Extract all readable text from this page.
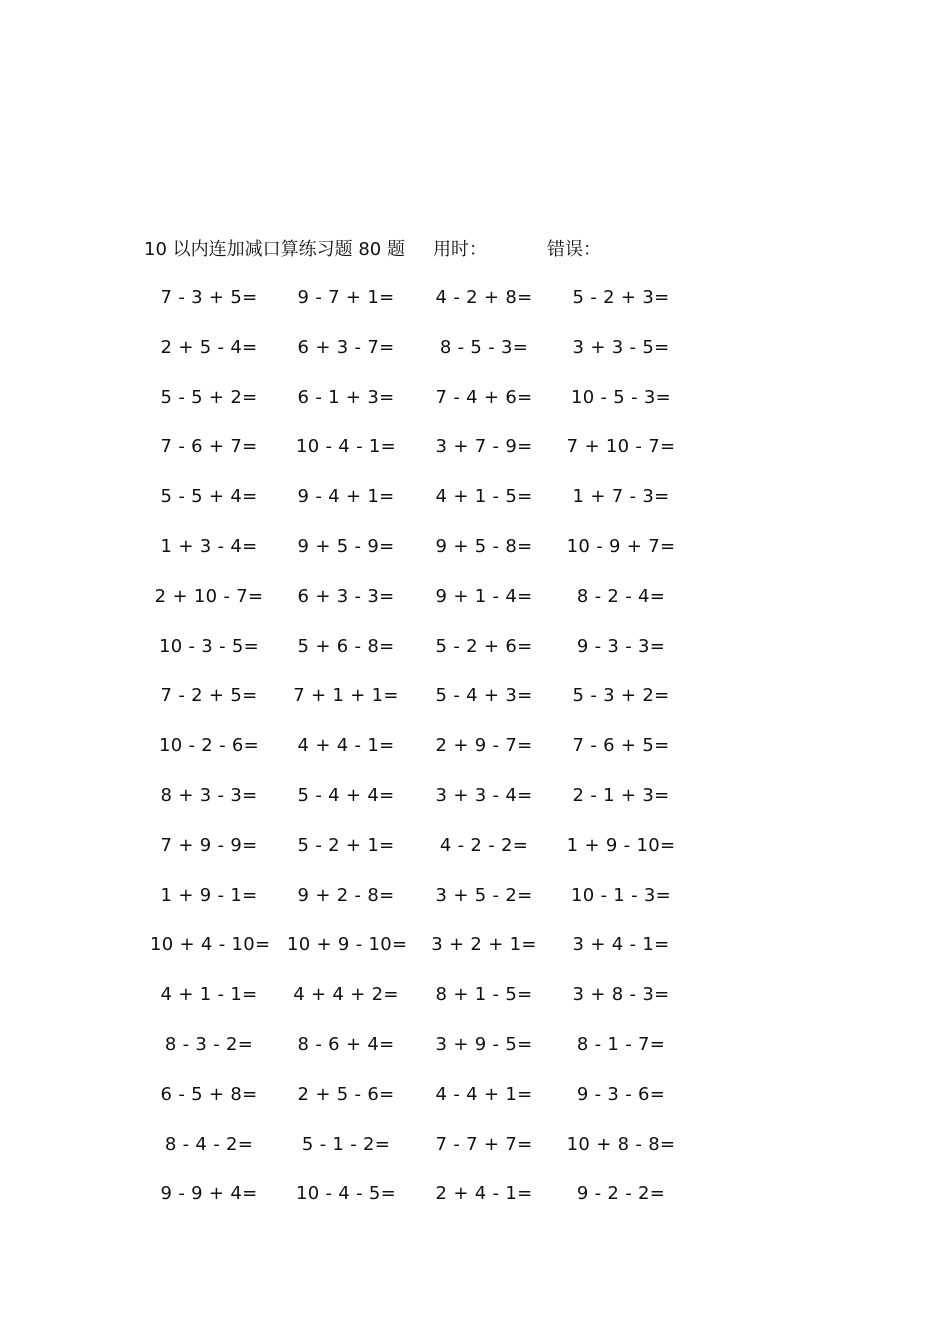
10 以内连加减口算练习题 80 题 用时：	错误：
7 - 3 + 5=	9 - 7 + 1=	4 - 2 + 8=	5 - 2 + 3=
2 + 5 - 4=	6 + 3 - 7=	8 - 5 - 3=	3 + 3 - 5=
5 - 5 + 2=	6 - 1 + 3=	7 - 4 + 6=	10 - 5 - 3=
7 - 6 + 7=	10 - 4 - 1=	3 + 7 - 9=	7 + 10 - 7=
5 - 5 + 4=	9 - 4 + 1=	4 + 1 - 5=	1 + 7 - 3=
1 + 3 - 4=	9 + 5 - 9=	9 + 5 - 8=	10 - 9 + 7=
2 + 10 - 7=	6 + 3 - 3=	9 + 1 - 4=	8 - 2 - 4=
10 - 3 - 5=	5 + 6 - 8=	5 - 2 + 6=	9 - 3 - 3=
7 - 2 + 5=	7 + 1 + 1=	5 - 4 + 3=	5 - 3 + 2=
10 - 2 - 6=	4 + 4 - 1=	2 + 9 - 7=	7 - 6 + 5=
8 + 3 - 3=	5 - 4 + 4=	3 + 3 - 4=	2 - 1 + 3=
7 + 9 - 9=	5 - 2 + 1=	4 - 2 - 2=	1 + 9 - 10=
1 + 9 - 1=	9 + 2 - 8=	3 + 5 - 2=	10 - 1 - 3=
10 + 4 - 10= 10 + 9 - 10=	3 + 2 + 1=	3 + 4 - 1=
4 + 1 - 1=	4 + 4 + 2=	8 + 1 - 5=	3 + 8 - 3=
8 - 3 - 2=	8 - 6 + 4=	3 + 9 - 5=	8 - 1 - 7=
6 - 5 + 8=	2 + 5 - 6=	4 - 4 + 1=	9 - 3 - 6=
8 - 4 - 2=	5 - 1 - 2=	7 - 7 + 7=	10 + 8 - 8=
9 - 9 + 4=	10 - 4 - 5=	2 + 4 - 1=	9 - 2 - 2=
